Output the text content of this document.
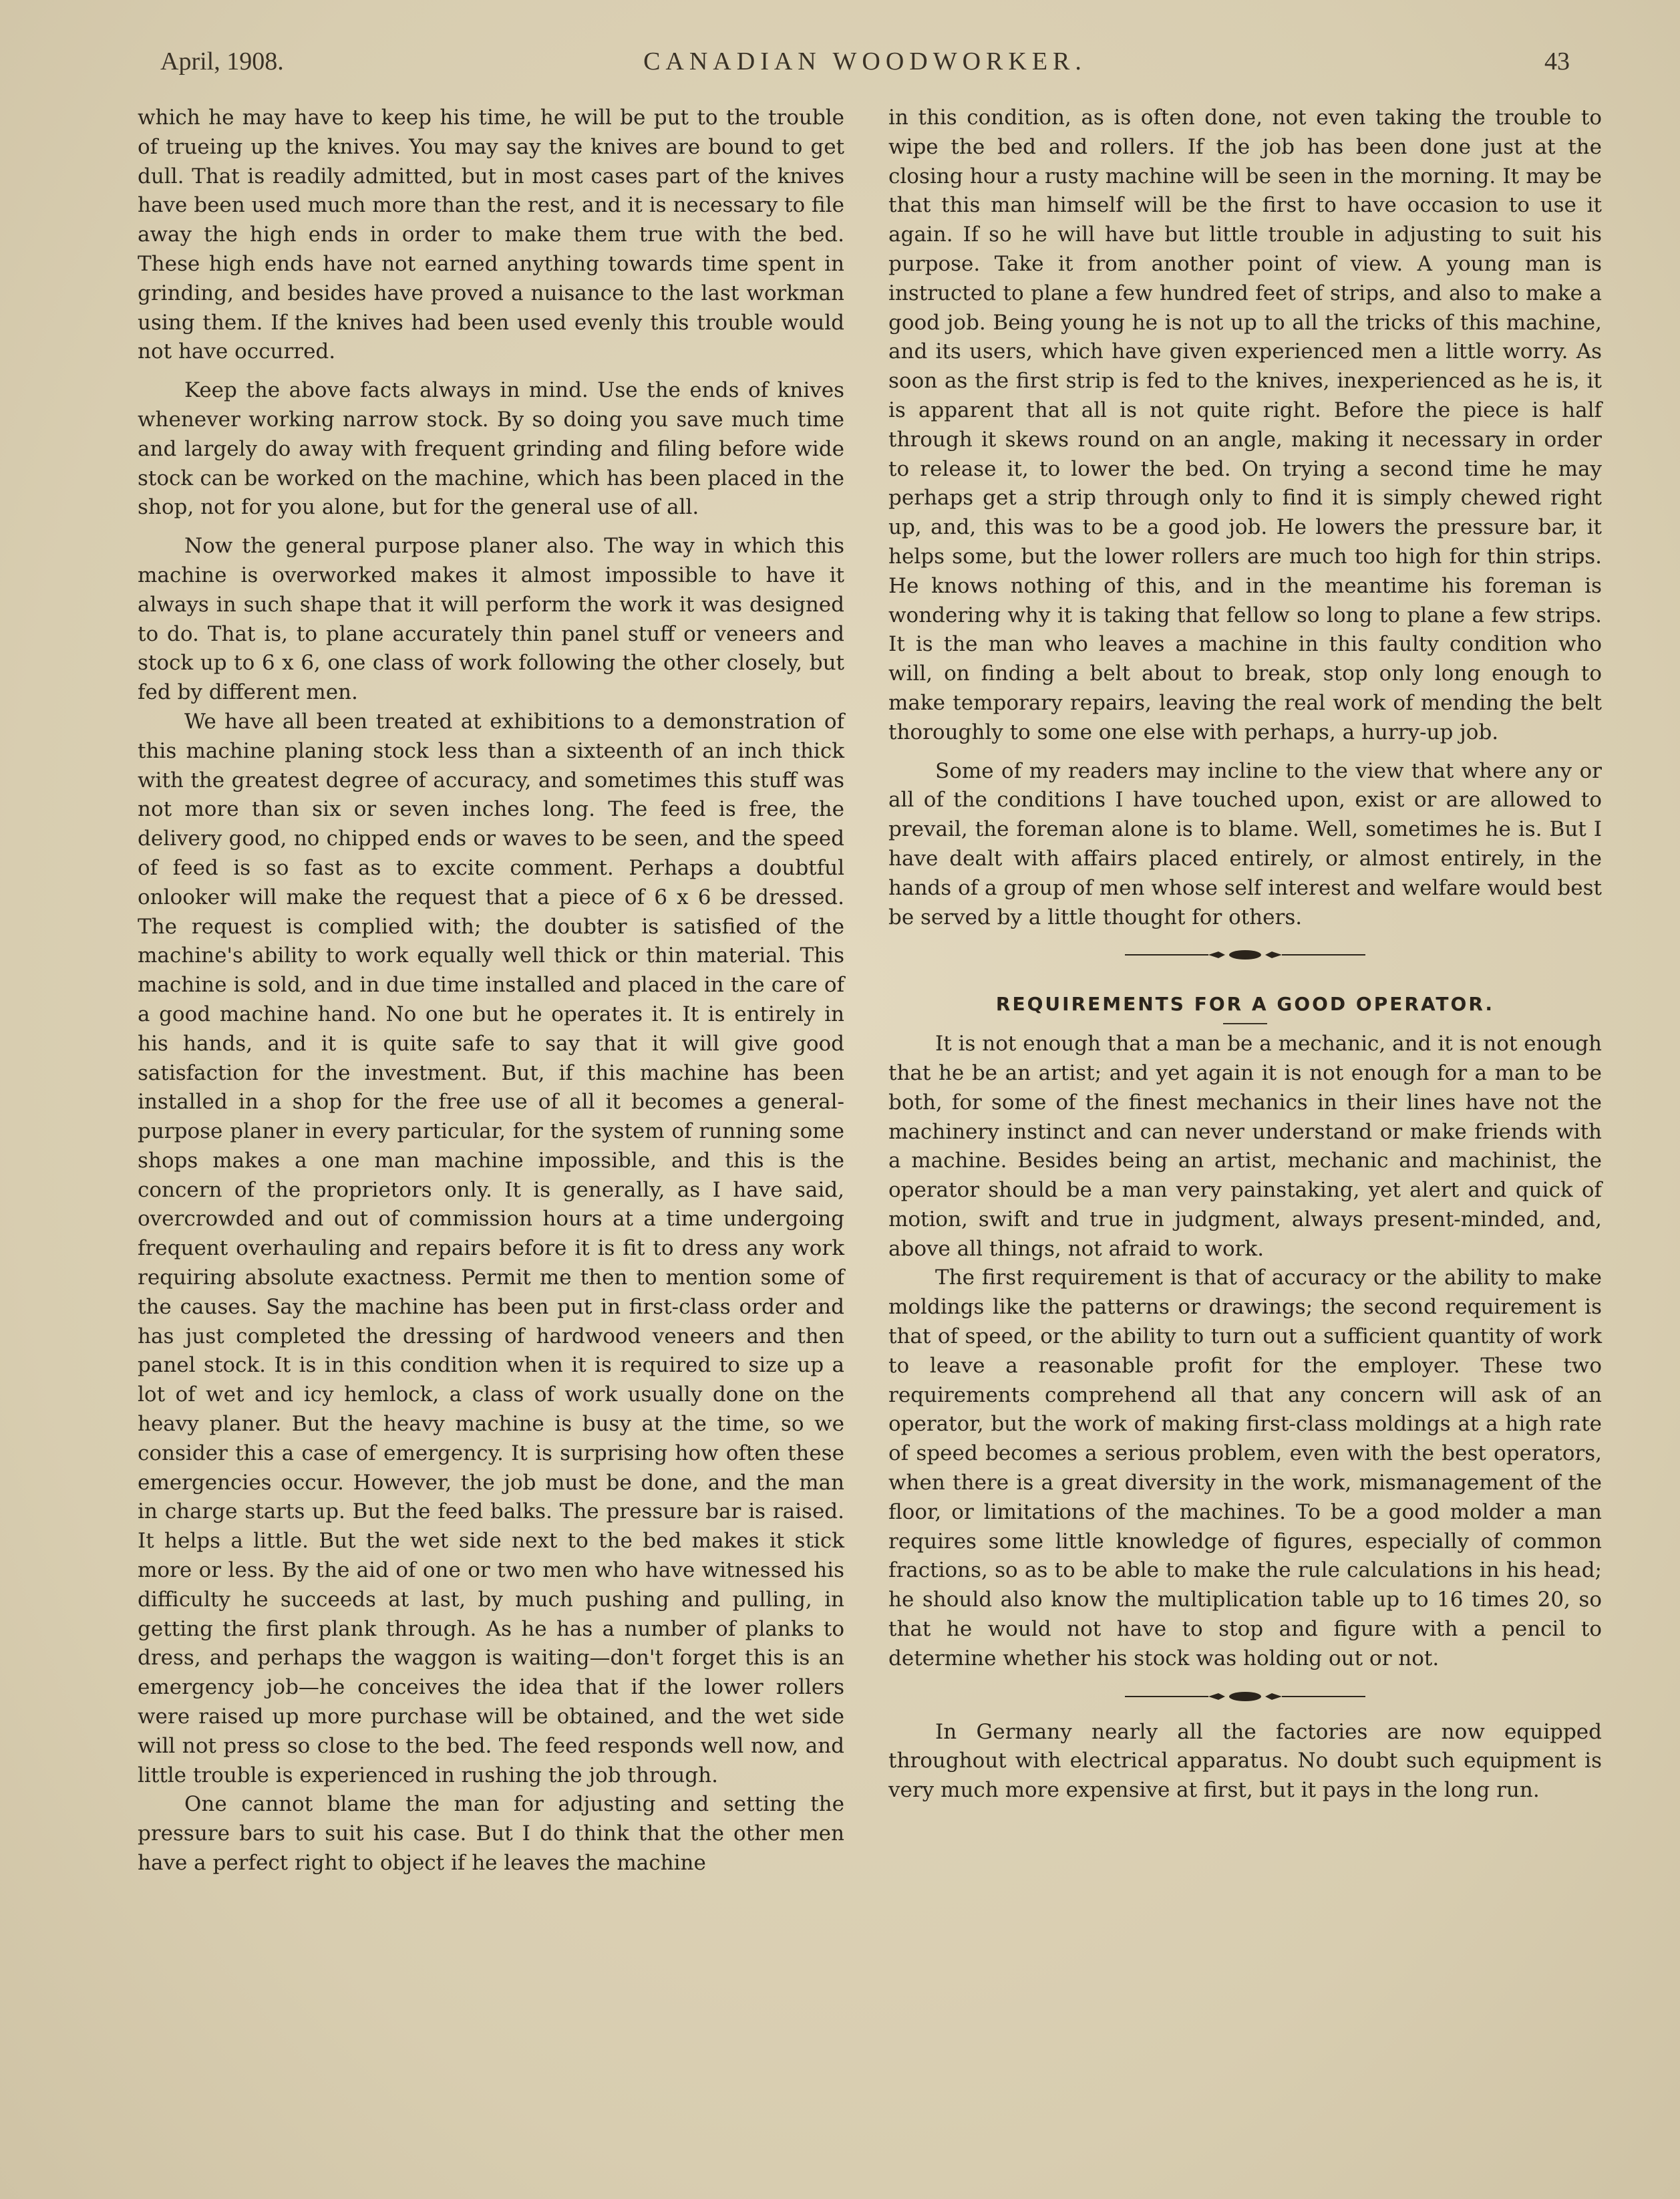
April, 1908.	CANADIAN WOODWORKER.	43

which he may have to keep his time, he will be put to the trouble of trueing up the knives. You may say the knives are bound to get dull. That is readily admitted, but in most cases part of the knives have been used much more than the rest, and it is necessary to file away the high ends in order to make them true with the bed. These high ends have not earned anything towards time spent in grinding, and besides have proved a nuisance to the last workman using them. If the knives had been used evenly this trouble would not have occurred.

Keep the above facts always in mind. Use the ends of knives whenever working narrow stock. By so doing you save much time and largely do away with frequent grinding and filing before wide stock can be worked on the machine, which has been placed in the shop, not for you alone, but for the general use of all.

Now the general purpose planer also. The way in which this machine is overworked makes it almost impossible to have it always in such shape that it will perform the work it was designed to do. That is, to plane accurately thin panel stuff or veneers and stock up to 6 x 6, one class of work following the other closely, but fed by different men.

We have all been treated at exhibitions to a demonstration of this machine planing stock less than a sixteenth of an inch thick with the greatest degree of accuracy, and sometimes this stuff was not more than six or seven inches long. The feed is free, the delivery good, no chipped ends or waves to be seen, and the speed of feed is so fast as to excite comment. Perhaps a doubtful onlooker will make the request that a piece of 6 x 6 be dressed. The request is complied with; the doubter is satisfied of the machine's ability to work equally well thick or thin material. This machine is sold, and in due time installed and placed in the care of a good machine hand. No one but he operates it. It is entirely in his hands, and it is quite safe to say that it will give good satisfaction for the investment. But, if this machine has been installed in a shop for the free use of all it becomes a general-purpose planer in every particular, for the system of running some shops makes a one man machine impossible, and this is the concern of the proprietors only. It is generally, as I have said, overcrowded and out of commission hours at a time undergoing frequent overhauling and repairs before it is fit to dress any work requiring absolute exactness. Permit me then to mention some of the causes. Say the machine has been put in first-class order and has just completed the dressing of hardwood veneers and then panel stock. It is in this condition when it is required to size up a lot of wet and icy hemlock, a class of work usually done on the heavy planer. But the heavy machine is busy at the time, so we consider this a case of emergency. It is surprising how often these emergencies occur. However, the job must be done, and the man in charge starts up. But the feed balks. The pressure bar is raised. It helps a little. But the wet side next to the bed makes it stick more or less. By the aid of one or two men who have witnessed his difficulty he succeeds at last, by much pushing and pulling, in getting the first plank through. As he has a number of planks to dress, and perhaps the waggon is waiting—don't forget this is an emergency job—he conceives the idea that if the lower rollers were raised up more purchase will be obtained, and the wet side will not press so close to the bed. The feed responds well now, and little trouble is experienced in rushing the job through.

One cannot blame the man for adjusting and setting the pressure bars to suit his case. But I do think that the other men have a perfect right to object if he leaves the machine

in this condition, as is often done, not even taking the trouble to wipe the bed and rollers. If the job has been done just at the closing hour a rusty machine will be seen in the morning. It may be that this man himself will be the first to have occasion to use it again. If so he will have but little trouble in adjusting to suit his purpose. Take it from another point of view. A young man is instructed to plane a few hundred feet of strips, and also to make a good job. Being young he is not up to all the tricks of this machine, and its users, which have given experienced men a little worry. As soon as the first strip is fed to the knives, inexperienced as he is, it is apparent that all is not quite right. Before the piece is half through it skews round on an angle, making it necessary in order to release it, to lower the bed. On trying a second time he may perhaps get a strip through only to find it is simply chewed right up, and, this was to be a good job. He lowers the pressure bar, it helps some, but the lower rollers are much too high for thin strips. He knows nothing of this, and in the meantime his foreman is wondering why it is taking that fellow so long to plane a few strips. It is the man who leaves a machine in this faulty condition who will, on finding a belt about to break, stop only long enough to make temporary repairs, leaving the real work of mending the belt thoroughly to some one else with perhaps, a hurry-up job.

Some of my readers may incline to the view that where any or all of the conditions I have touched upon, exist or are allowed to prevail, the foreman alone is to blame. Well, sometimes he is. But I have dealt with affairs placed entirely, or almost entirely, in the hands of a group of men whose self interest and welfare would best be served by a little thought for others.

REQUIREMENTS FOR A GOOD OPERATOR.

It is not enough that a man be a mechanic, and it is not enough that he be an artist; and yet again it is not enough for a man to be both, for some of the finest mechanics in their lines have not the machinery instinct and can never understand or make friends with a machine. Besides being an artist, mechanic and machinist, the operator should be a man very painstaking, yet alert and quick of motion, swift and true in judgment, always present-minded, and, above all things, not afraid to work.

The first requirement is that of accuracy or the ability to make moldings like the patterns or drawings; the second requirement is that of speed, or the ability to turn out a sufficient quantity of work to leave a reasonable profit for the employer. These two requirements comprehend all that any concern will ask of an operator, but the work of making first-class moldings at a high rate of speed becomes a serious problem, even with the best operators, when there is a great diversity in the work, mismanagement of the floor, or limitations of the machines. To be a good molder a man requires some little knowledge of figures, especially of common fractions, so as to be able to make the rule calculations in his head; he should also know the multiplication table up to 16 times 20, so that he would not have to stop and figure with a pencil to determine whether his stock was holding out or not.

In Germany nearly all the factories are now equipped throughout with electrical apparatus. No doubt such equipment is very much more expensive at first, but it pays in the long run.
